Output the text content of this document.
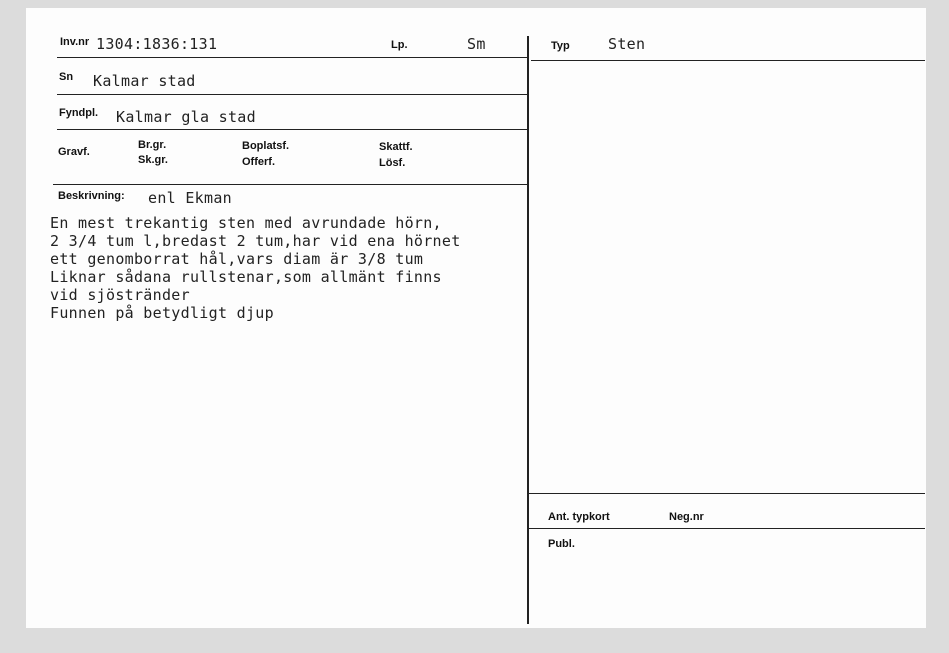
Inv.nr 1304:1836:131	Lp.	Sm	Typ	Sten
Sn Kalmar stad
Fyndpl. Kalmar gla stad
Gravf.
Br.gr.
Sk.gr.
Boplatsf.
Offerf.
Skattf.
Lösf.
Beskrivning: enl Ekman
En mest trekantig sten med avrundade hörn,
2 3/4 tum l,bredast 2 tum,har vid ena hörnet
ett genomborrat hål,vars diam är 3/8 tum
Liknar sådana rullstenar,som allmänt finns
vid sjöstränder
Funnen på betydligt djup
Ant. typkort	Neg.nr
Publ.
